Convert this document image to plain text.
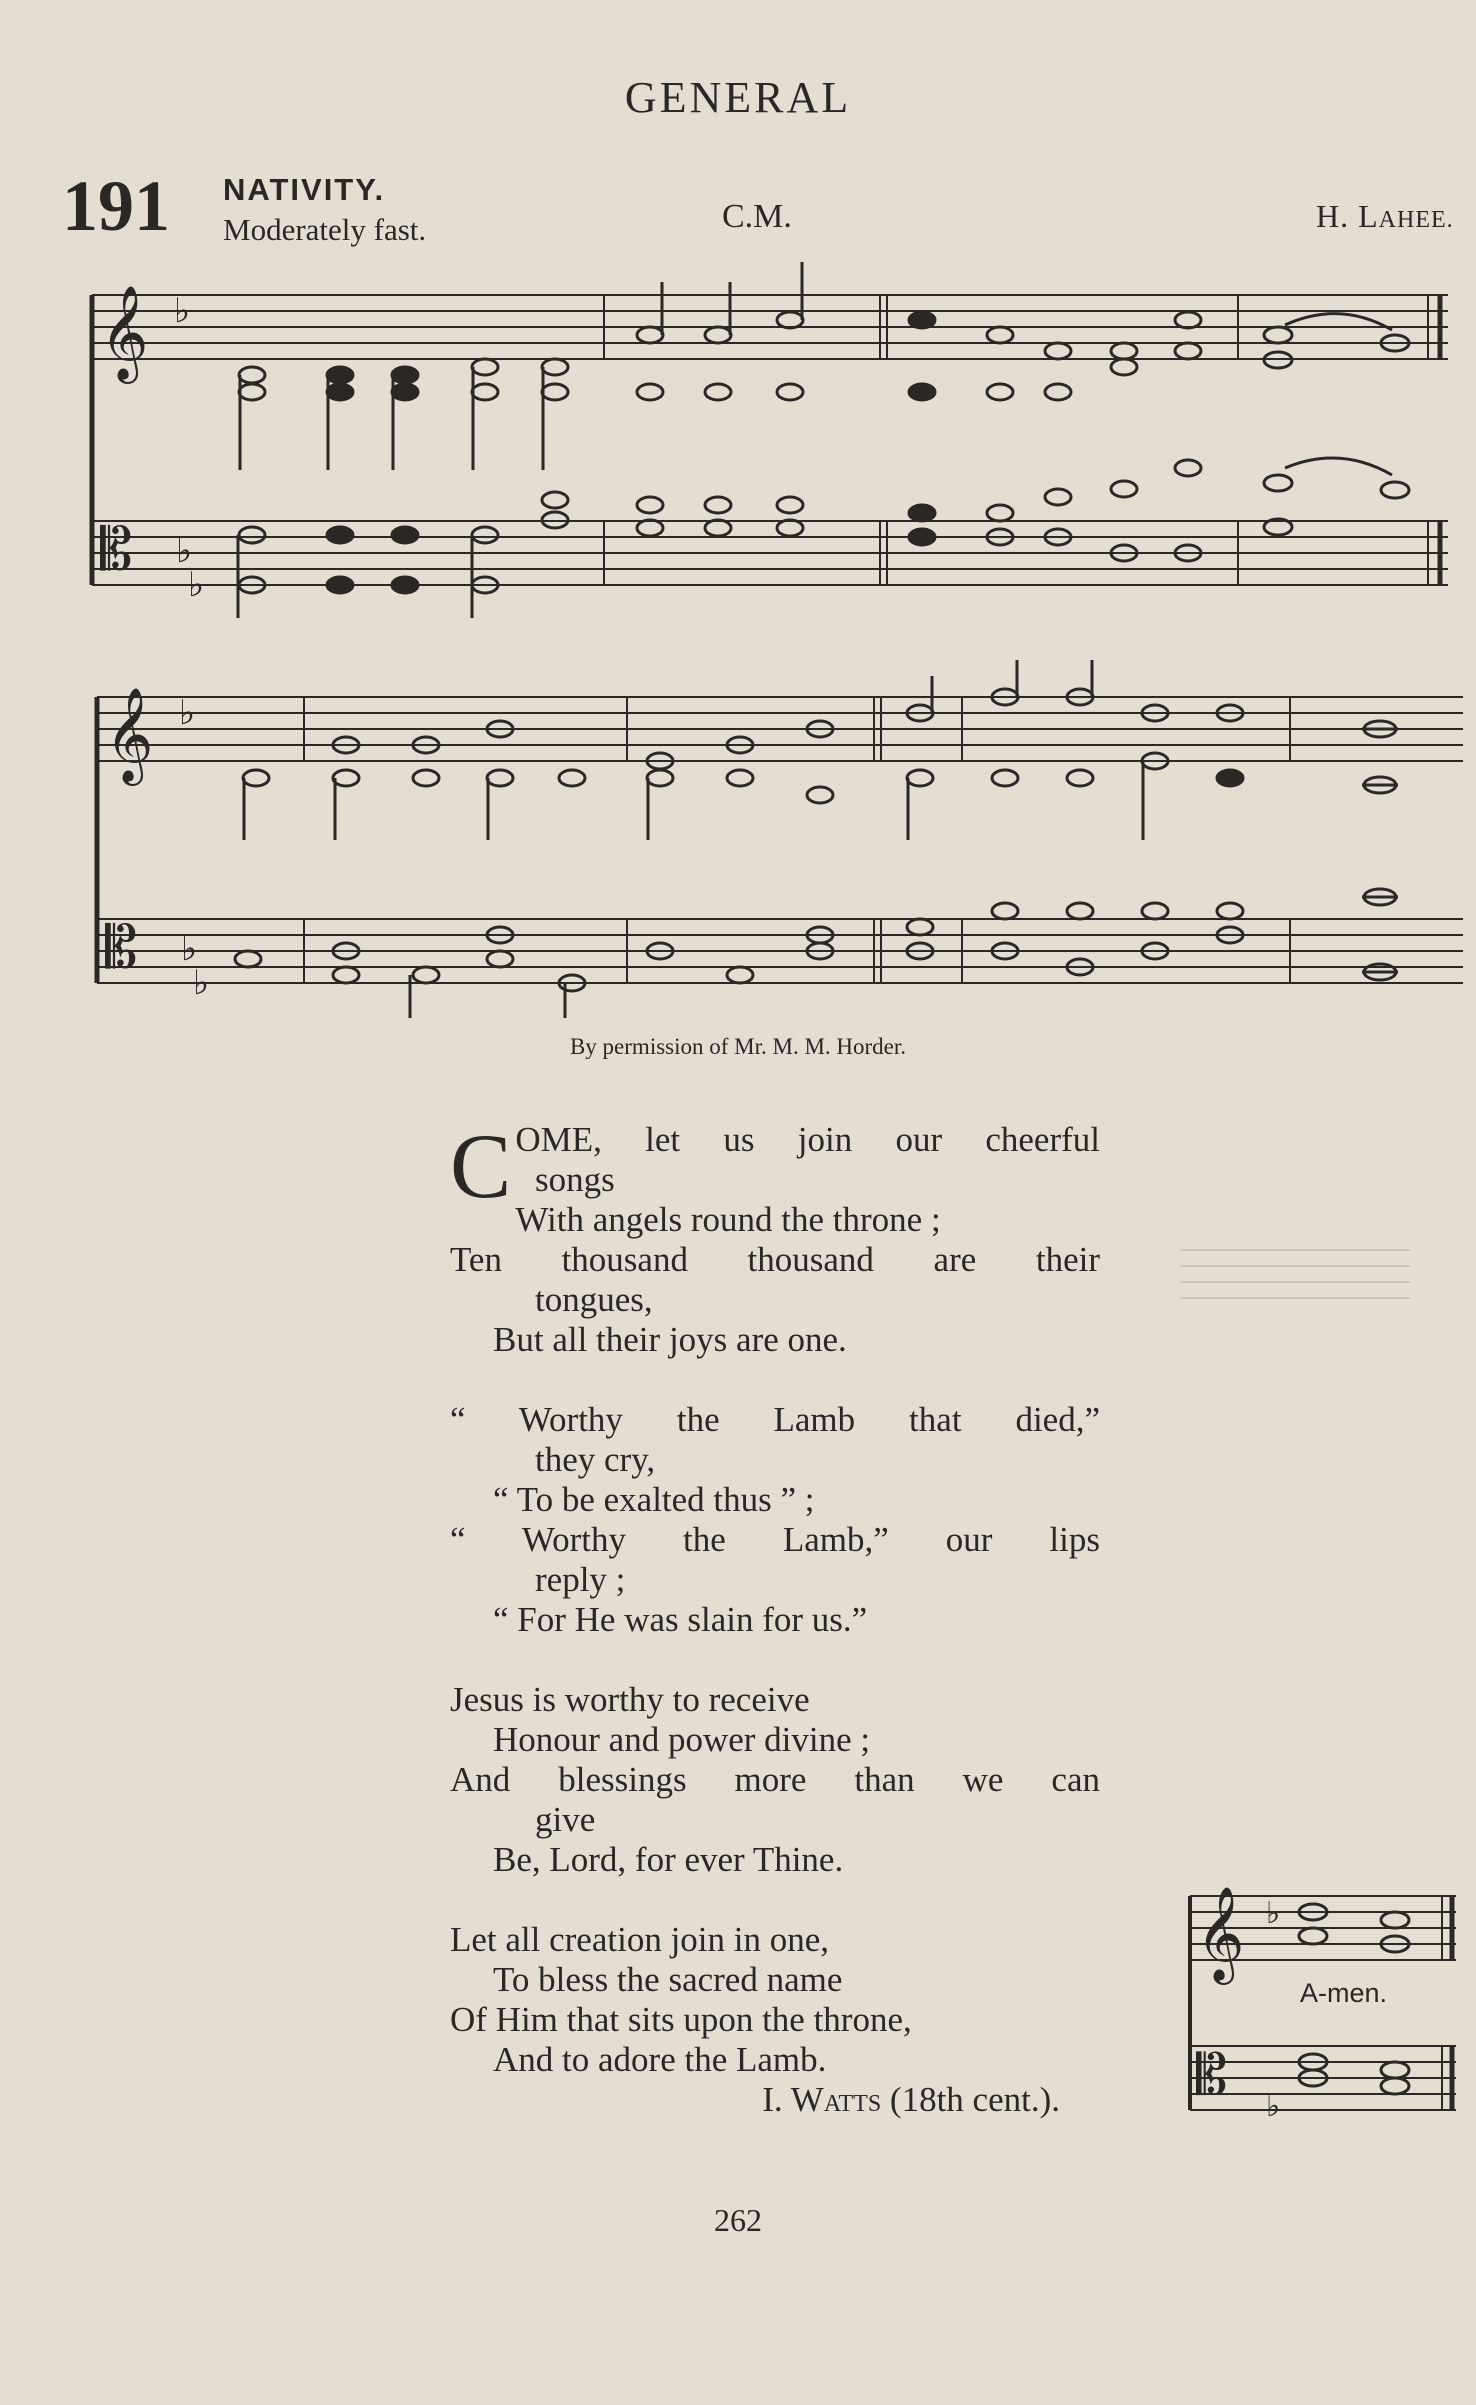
GENERAL
191 NATIVITY.
Moderately fast.	C.M.	H. LAHEE.
𝄞 ♭
𝄡 ♭
♭
𝄞 ♭
𝄡 ♭
♭
𝄞 ♭
𝄡 ♭
By permission of Mr. M. M. Horder.
COME, let us join our cheerful
songs
With angels round the throne ;
Ten thousand thousand are their
tongues,
But all their joys are one.
“ Worthy the Lamb that died,”
they cry,
“ To be exalted thus ” ;
“ Worthy the Lamb,” our lips
reply ;
“ For He was slain for us.”
Jesus is worthy to receive
Honour and power divine ;
And blessings more than we can
give
Be, Lord, for ever Thine.
Let all creation join in one,
To bless the sacred name
Of Him that sits upon the throne,
And to adore the Lamb.
I. WATTS (18th cent.).
A-men.
262
